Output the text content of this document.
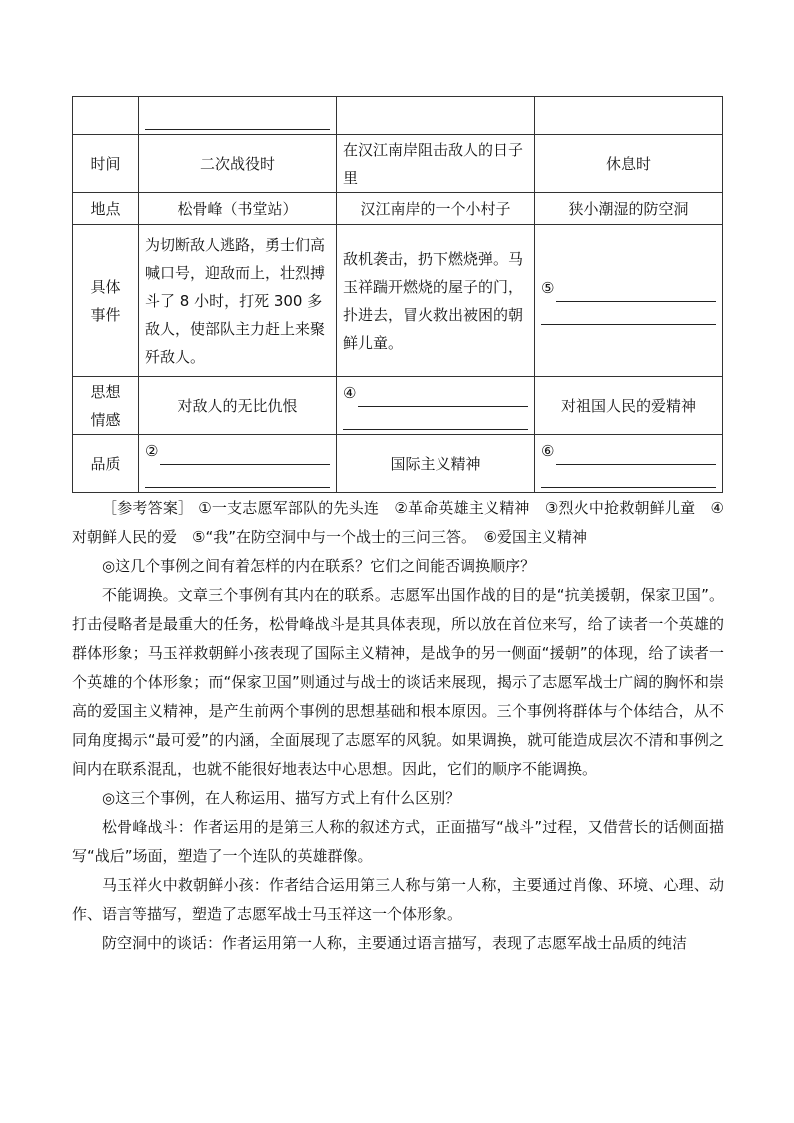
时间	二次战役时	在汉江南岸阻击敌人的日子里	休息时
地点	松骨峰（书堂站）	汉江南岸的一个小村子	狭小潮湿的防空洞
具体事件	为切断敌人逃路，勇士们高喊口号，迎敌而上，壮烈搏斗了 8 小时，打死 300 多敌人，使部队主力赶上来聚歼敌人。	敌机袭击，扔下燃烧弹。马玉祥踹开燃烧的屋子的门，扑进去，冒火救出被困的朝鲜儿童。	⑤

思想情感	对敌人的无比仇恨	④	对祖国人民的爱精神
品质	②	国际主义精神	⑥

［参考答案］ ①一支志愿军部队的先头连　②革命英雄主义精神　③烈火中抢救朝鲜儿童　④对朝鲜人民的爱　⑤“我”在防空洞中与一个战士的三问三答。　⑥爱国主义精神

◎这几个事例之间有着怎样的内在联系？它们之间能否调换顺序？

不能调换。文章三个事例有其内在的联系。志愿军出国作战的目的是“抗美援朝，保家卫国”。打击侵略者是最重大的任务，松骨峰战斗是其具体表现，所以放在首位来写，给了读者一个英雄的群体形象；马玉祥救朝鲜小孩表现了国际主义精神，是战争的另一侧面“援朝”的体现，给了读者一个英雄的个体形象；而“保家卫国”则通过与战士的谈话来展现，揭示了志愿军战士广阔的胸怀和崇高的爱国主义精神，是产生前两个事例的思想基础和根本原因。三个事例将群体与个体结合，从不同角度揭示“最可爱”的内涵，全面展现了志愿军的风貌。如果调换，就可能造成层次不清和事例之间内在联系混乱，也就不能很好地表达中心思想。因此，它们的顺序不能调换。

◎这三个事例，在人称运用、描写方式上有什么区别？

松骨峰战斗：作者运用的是第三人称的叙述方式，正面描写“战斗”过程，又借营长的话侧面描写“战后”场面，塑造了一个连队的英雄群像。

马玉祥火中救朝鲜小孩：作者结合运用第三人称与第一人称，主要通过肖像、环境、心理、动作、语言等描写，塑造了志愿军战士马玉祥这一个体形象。

防空洞中的谈话：作者运用第一人称，主要通过语言描写，表现了志愿军战士品质的纯洁
